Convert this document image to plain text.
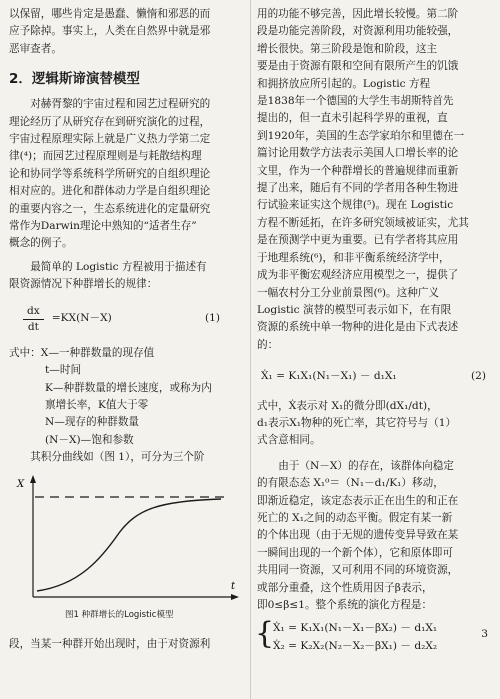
以保留，哪些肯定是愚蠢、懒惰和邪恶的而

应予除掉。事实上，人类在自然界中就是邪

恶审查者。

2．逻辑斯谛演替模型

对赫胥黎的宇宙过程和园艺过程研究的

理论经历了从研究存在到研究演化的过程，

宇宙过程原理实际上就是广义热力学第二定

律(⁴)；而园艺过程原理则是与耗散结构理

论和协同学等系统科学所研究的自组织理论

相对应的。进化和群体动力学是自组织理论

的重要内容之一，生态系统进化的定量研究

常作为Darwin理论中熟知的“适者生存”

概念的例子。

最简单的 Logistic 方程被用于描述有

限资源情况下种群增长的规律：

$\frac{dx}{dt} =KX(N-X)$	(1)

式中：X—一种群数量的现存值

t—时间

K—种群数量的增长速度，或称为内

禀增长率，K值大于零

N—现存的种群数量

(N－X)—饱和参数

其积分曲线如（图 1），可分为三个阶

X
t
图1 种群增长的Logistic模型

段，当某一种群开始出现时，由于对资源利

用的功能不够完善，因此增长较慢。第二阶

段是功能完善阶段，对资源利用功能较强，

增长很快。第三阶段是饱和阶段，这主

要是由于资源有限和空间有限所产生的饥饿

和拥挤放应所引起的。Logistic 方程

是1838年一个德国的大学生韦胡斯特首先

提出的，但一直未引起科学界的重视，直

到1920年，美国的生态学家珀尔和里德在一

篇讨论用数学方法表示美国人口增长率的论

文里，作为一个种群增长的普遍规律而重新

提了出来，随后有不同的学者用各种生物进

行试验来证实这个规律(⁵)。现在 Logistic

方程不断延拓，在许多研究领域被证实，尤其

是在预测学中更为重要。已有学者将其应用

于地理系统(⁶)，和非平衡系统经济学中，

成为非平衡宏观经济应用模型之一，提供了

一幅农村分工分业前景图(⁶)。这种广义

Logistic 演替的模型可表示如下，在有限

资源的系统中单一物种的进化是由下式表述

的：

Ẋ₁ = K₁X₁(N₁－X₁) － d₁X₁	(2)

式中，Ẋ表示对 X₁的微分即(dX₁/dt)，

d₁表示X₁物种的死亡率，其它符号与（1）

式含意相同。

由于（N－X）的存在，该群体向稳定

的有限态态 X₁⁰＝（N₁－d₁/K₁）移动，

即渐近稳定，该定态表示正在出生的和正在

死亡的 X₁之间的动态平衡。假定有某一新

的个体出现（由于无规的遗传变异导致在某

一瞬间出现的一个新个体），它和原体即可

共用同一资源，又可利用不同的环境资源，

或部分重叠，这个性质用因子β表示，

即0≤β≤1。整个系统的演化方程是：

{

Ẋ₁ = K₁X₁(N₁－X₁－βX₂) － d₁X₁

Ẋ₂ = K₂X₂(N₂－X₂－βX₁) － d₂X₂

3
